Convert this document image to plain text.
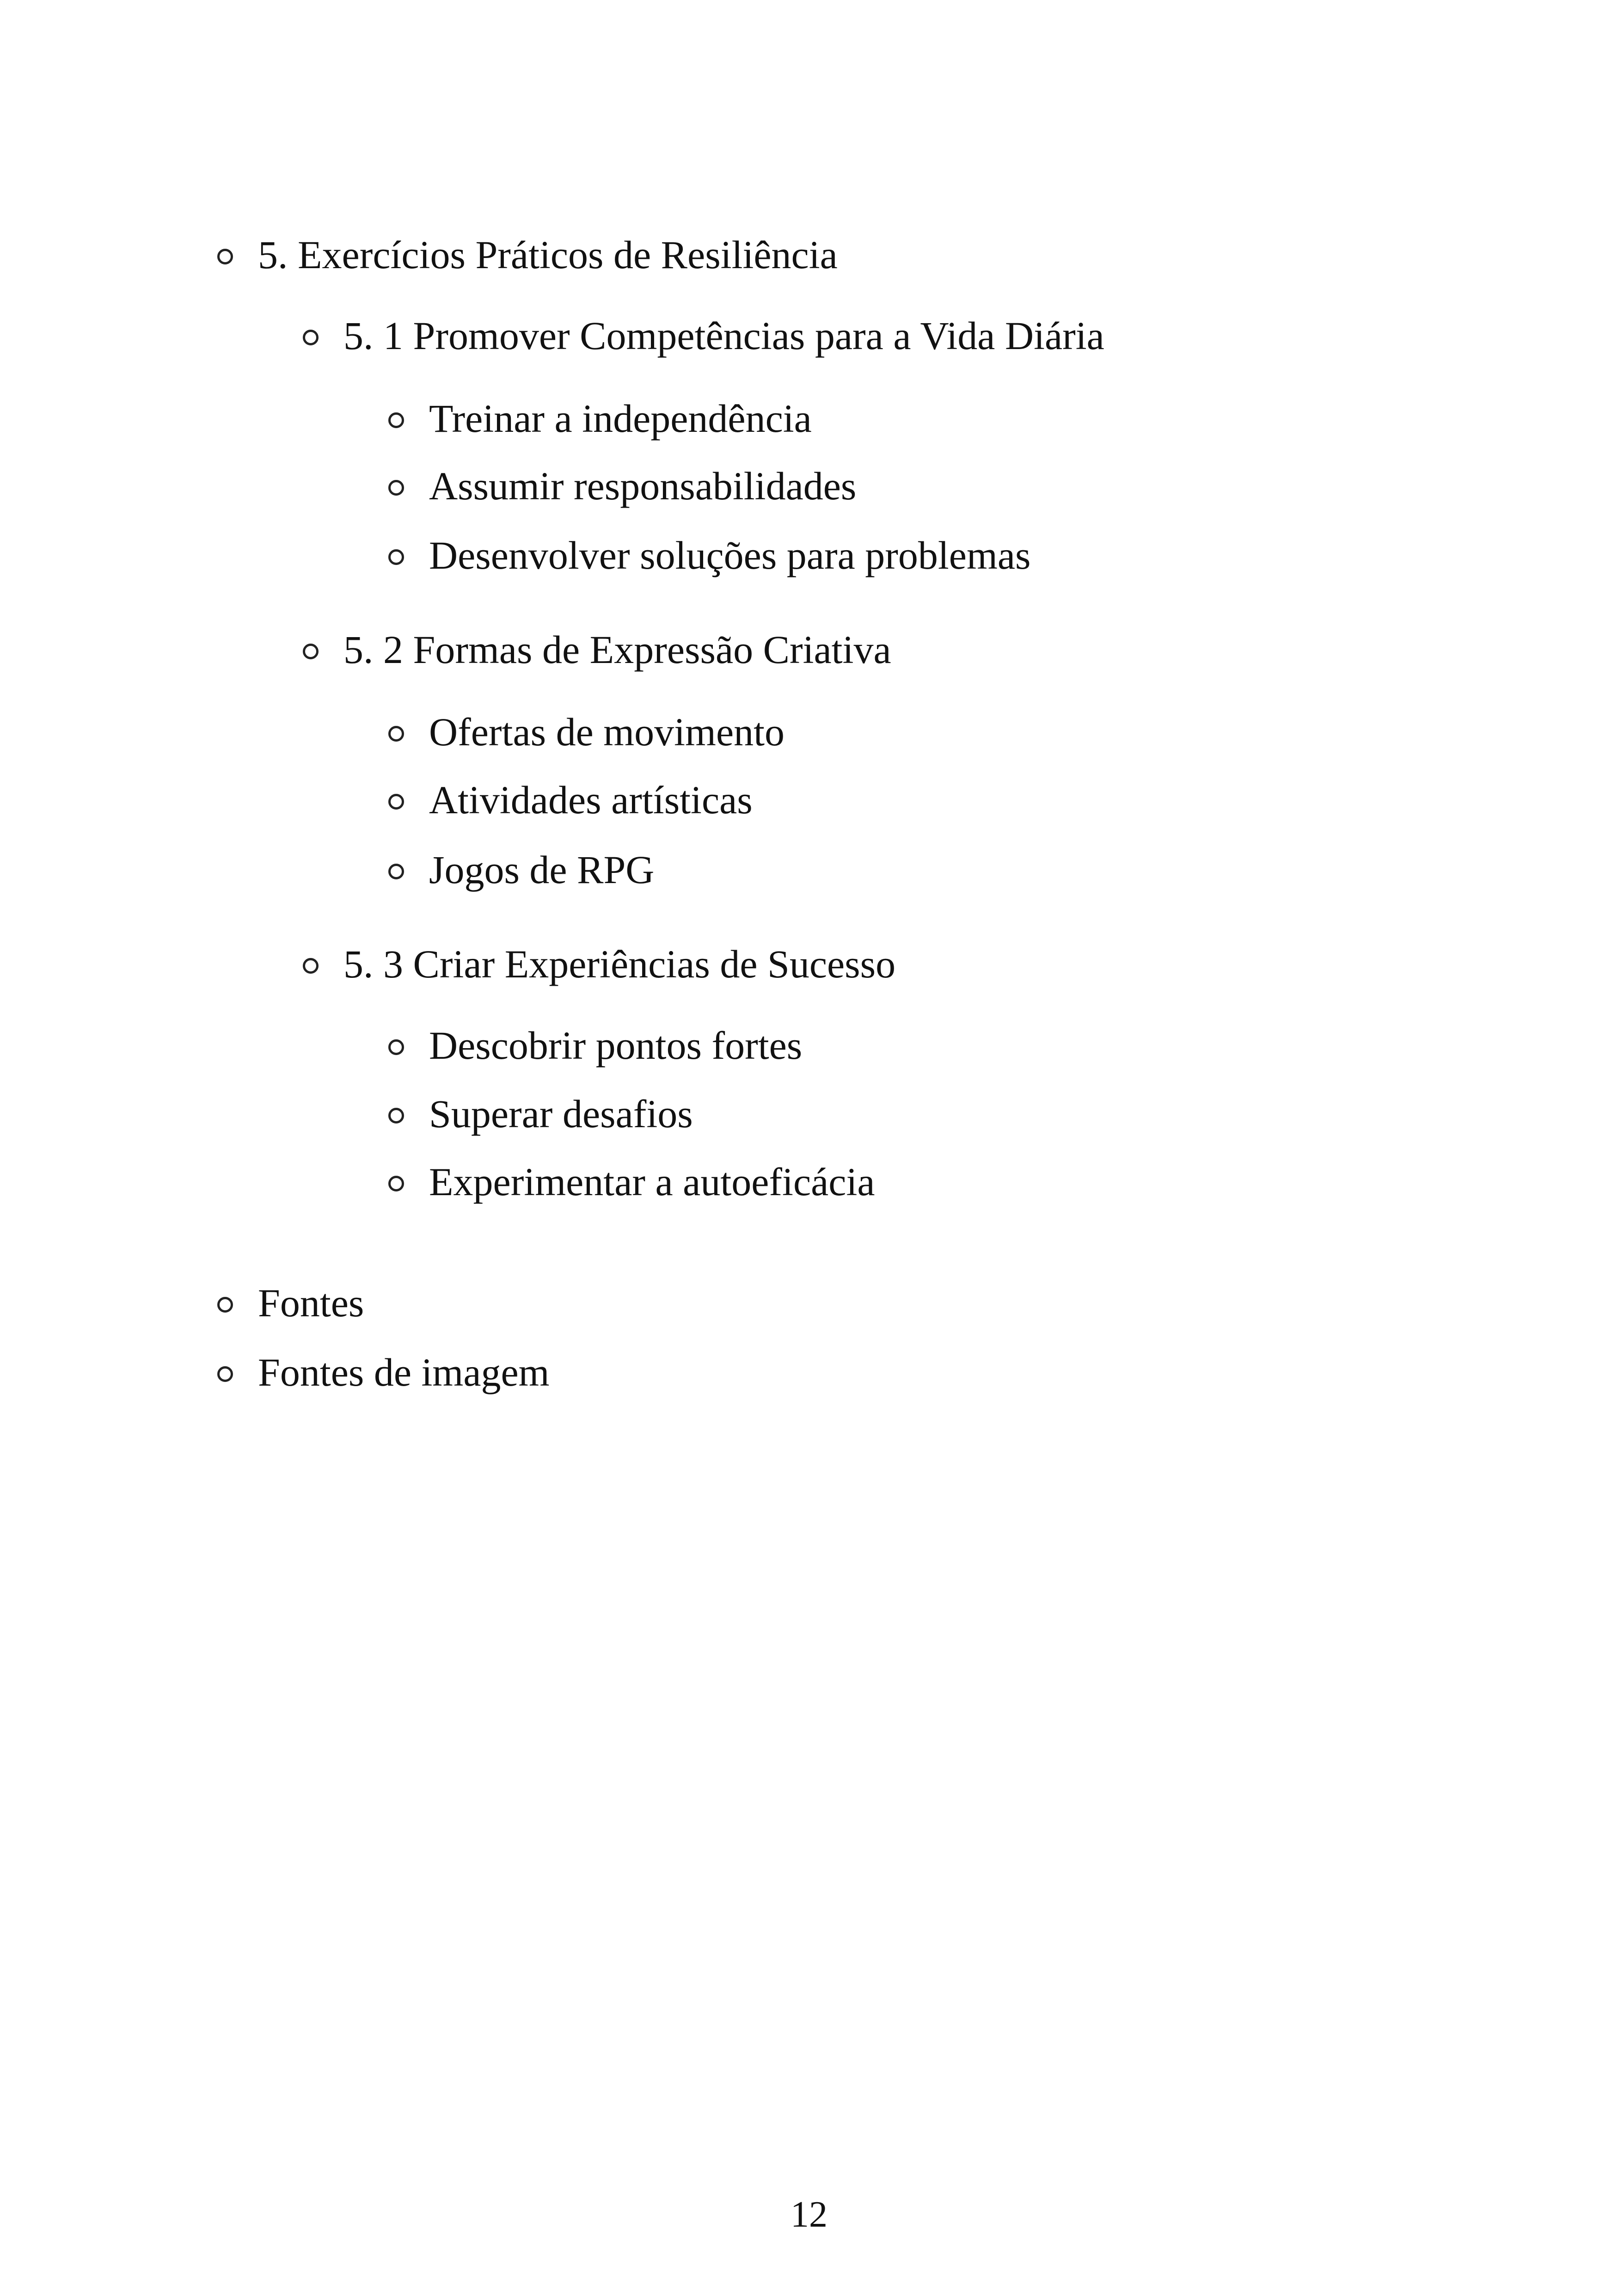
5. Exercícios Práticos de Resiliência
5. 1 Promover Competências para a Vida Diária
Treinar a independência
Assumir responsabilidades
Desenvolver soluções para problemas
5. 2 Formas de Expressão Criativa
Ofertas de movimento
Atividades artísticas
Jogos de RPG
5. 3 Criar Experiências de Sucesso
Descobrir pontos fortes
Superar desafios
Experimentar a autoeficácia
Fontes
Fontes de imagem
12
